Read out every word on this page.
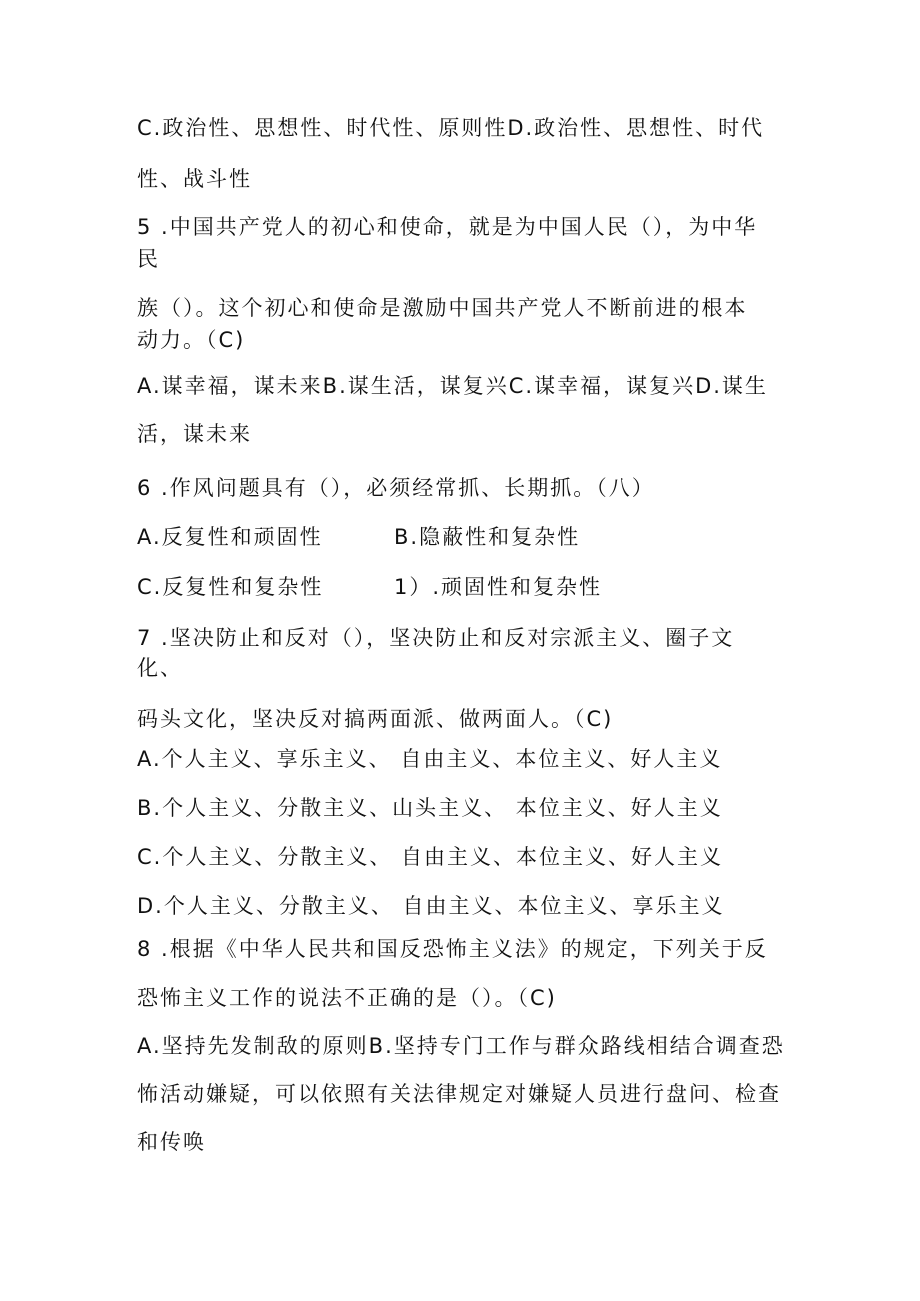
C.政治性、思想性、时代性、原则性D.政治性、思想性、时代
性、战斗性
5 .中国共产党人的初心和使命，就是为中国人民（），为中华
民
族（）。这个初心和使命是激励中国共产党人不断前进的根本
动力。（C)
A.谋幸福，谋未来B.谋生活，谋复兴C.谋幸福，谋复兴D.谋生
活，谋未来
6 .作风问题具有（），必须经常抓、长期抓。（八）
A.反复性和顽固性	B.隐蔽性和复杂性
C.反复性和复杂性	1）.顽固性和复杂性
7 .坚决防止和反对（），坚决防止和反对宗派主义、圈子文
化、
码头文化，坚决反对搞两面派、做两面人。（C)
A.个人主义、享乐主义、 自由主义、本位主义、好人主义
B.个人主义、分散主义、山头主义、 本位主义、好人主义
C.个人主义、分散主义、 自由主义、本位主义、好人主义
D.个人主义、分散主义、 自由主义、本位主义、享乐主义
8 .根据《中华人民共和国反恐怖主义法》的规定，下列关于反
恐怖主义工作的说法不正确的是（）。（C)
A.坚持先发制敌的原则B.坚持专门工作与群众路线相结合调查恐
怖活动嫌疑，可以依照有关法律规定对嫌疑人员进行盘问、检查
和传唤
